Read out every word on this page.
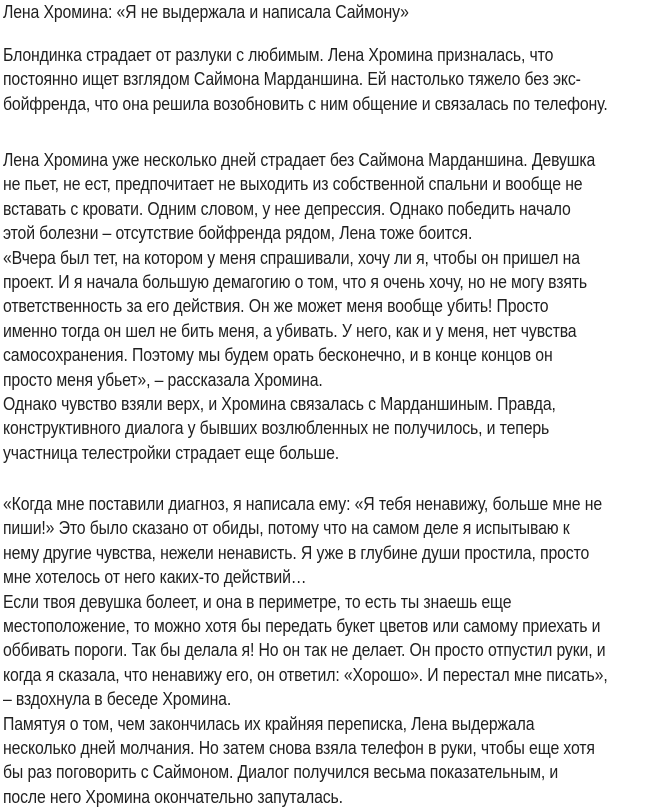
Лена Хромина: «Я не выдержала и написала Саймону»
Блондинка страдает от разлуки с любимым. Лена Хромина призналась, что
постоянно ищет взглядом Саймона Марданшина. Ей настолько тяжело без экс-
бойфренда, что она решила возобновить с ним общение и связалась по телефону.
Лена Хромина уже несколько дней страдает без Саймона Марданшина. Девушка
не пьет, не ест, предпочитает не выходить из собственной спальни и вообще не
вставать с кровати. Одним словом, у нее депрессия. Однако победить начало
этой болезни – отсутствие бойфренда рядом, Лена тоже боится.
«Вчера был тет, на котором у меня спрашивали, хочу ли я, чтобы он пришел на
проект. И я начала большую демагогию о том, что я очень хочу, но не могу взять
ответственность за его действия. Он же может меня вообще убить! Просто
именно тогда он шел не бить меня, а убивать. У него, как и у меня, нет чувства
самосохранения. Поэтому мы будем орать бесконечно, и в конце концов он
просто меня убьет», – рассказала Хромина.
Однако чувство взяли верх, и Хромина связалась с Марданшиным. Правда,
конструктивного диалога у бывших возлюбленных не получилось, и теперь
участница телестройки страдает еще больше.
«Когда мне поставили диагноз, я написала ему: «Я тебя ненавижу, больше мне не
пиши!» Это было сказано от обиды, потому что на самом деле я испытываю к
нему другие чувства, нежели ненависть. Я уже в глубине души простила, просто
мне хотелось от него каких-то действий…
Если твоя девушка болеет, и она в периметре, то есть ты знаешь еще
местоположение, то можно хотя бы передать букет цветов или самому приехать и
оббивать пороги. Так бы делала я! Но он так не делает. Он просто отпустил руки, и
когда я сказала, что ненавижу его, он ответил: «Хорошо». И перестал мне писать»,
– вздохнула в беседе Хромина.
Памятуя о том, чем закончилась их крайняя переписка, Лена выдержала
несколько дней молчания. Но затем снова взяла телефон в руки, чтобы еще хотя
бы раз поговорить с Саймоном. Диалог получился весьма показательным, и
после него Хромина окончательно запуталась.
